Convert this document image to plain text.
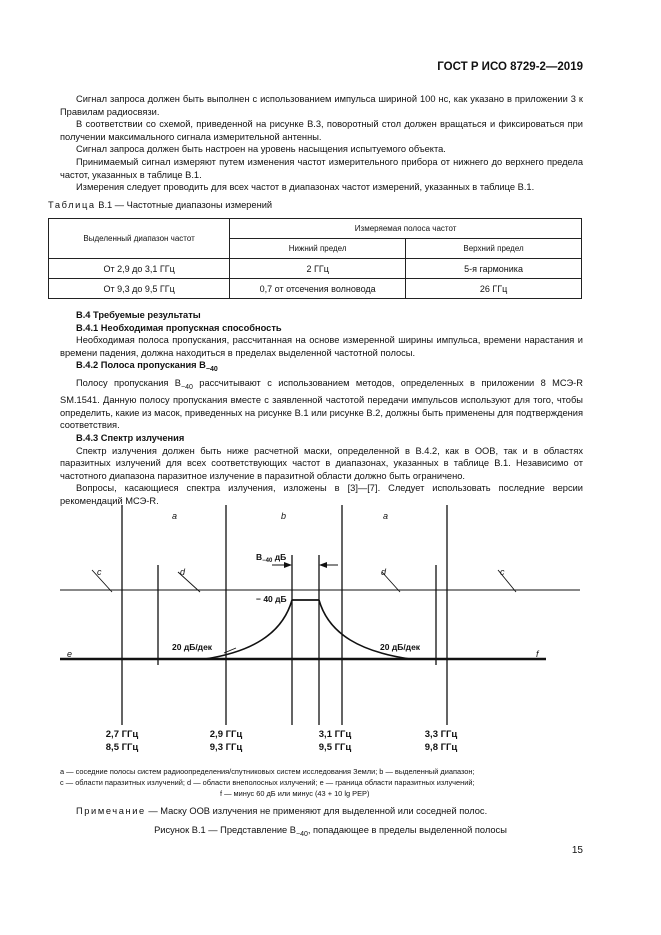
ГОСТ Р ИСО 8729-2—2019

Сигнал запроса должен быть выполнен с использованием импульса шириной 100 нс, как указано в приложении 3 к Правилам радиосвязи.

В соответствии со схемой, приведенной на рисунке В.3, поворотный стол должен вращаться и фиксироваться при получении максимального сигнала измерительной антенны.

Сигнал запроса должен быть настроен на уровень насыщения испытуемого объекта.

Принимаемый сигнал измеряют путем изменения частот измерительного прибора от нижнего до верхнего предела частот, указанных в таблице В.1.

Измерения следует проводить для всех частот в диапазонах частот измерений, указанных в таблице В.1.

Таблица В.1 — Частотные диапазоны измерений
Выделенный диапазон частот	Измеряемая полоса частот	
	Нижний предел	Верхний предел
От 2,9 до 3,1 ГГц	2 ГГц	5-я гармоника
От 9,3 до 9,5 ГГц	0,7 от отсечения волновода	26 ГГц
В.4 Требуемые результаты
В.4.1 Необходимая пропускная способность

Необходимая полоса пропускания, рассчитанная на основе измеренной ширины импульса, времени нарастания и времени падения, должна находиться в пределах выделенной частотной полосы.

В.4.2 Полоса пропускания $В_{-40}$

Полосу пропускания $В_{-40}$ рассчитывают с использованием методов, определенных в приложении 8 МСЭ-R SM.1541. Данную полосу пропускания вместе с заявленной частотой передачи импульсов используют для того, чтобы определить, какие из масок, приведенных на рисунке В.1 или рисунке В.2, должны быть применены для подтверждения соответствия.

В.4.3 Спектр излучения

Спектр излучения должен быть ниже расчетной маски, определенной в В.4.2, как в ООВ, так и в областях паразитных излучений для всех соответствующих частот в диапазонах, указанных в таблице В.1. Независимо от частотного диапазона паразитное излучение в паразитной области должно быть ограничено.

Вопросы, касающиеся спектра излучения, изложены в [3]—[7]. Следует использовать последние версии рекомендаций МСЭ-R.

a	b	a
c	d	d	c
e	f
$B_{-40}$ дБ
− 40 дБ
20 дБ/дек	20 дБ/дек
2,7 ГГц
8,5 ГГц
2,9 ГГц
9,3 ГГц
3,1 ГГц
9,5 ГГц
3,3 ГГц
9,8 ГГц
a — соседние полосы систем радиоопределения/спутниковых систем исследования Земли; b — выделенный диапазон;
c — области паразитных излучений; d — области внеполосных излучений; e — граница области паразитных излучений;
f — минус 60 дБ или минус (43 + 10 lg PEP)
Примечание — Маску ООВ излучения не применяют для выделенной или соседней полос.
Рисунок В.1 — Представление $В_{-40}$, попадающее в пределы выделенной полосы
15
